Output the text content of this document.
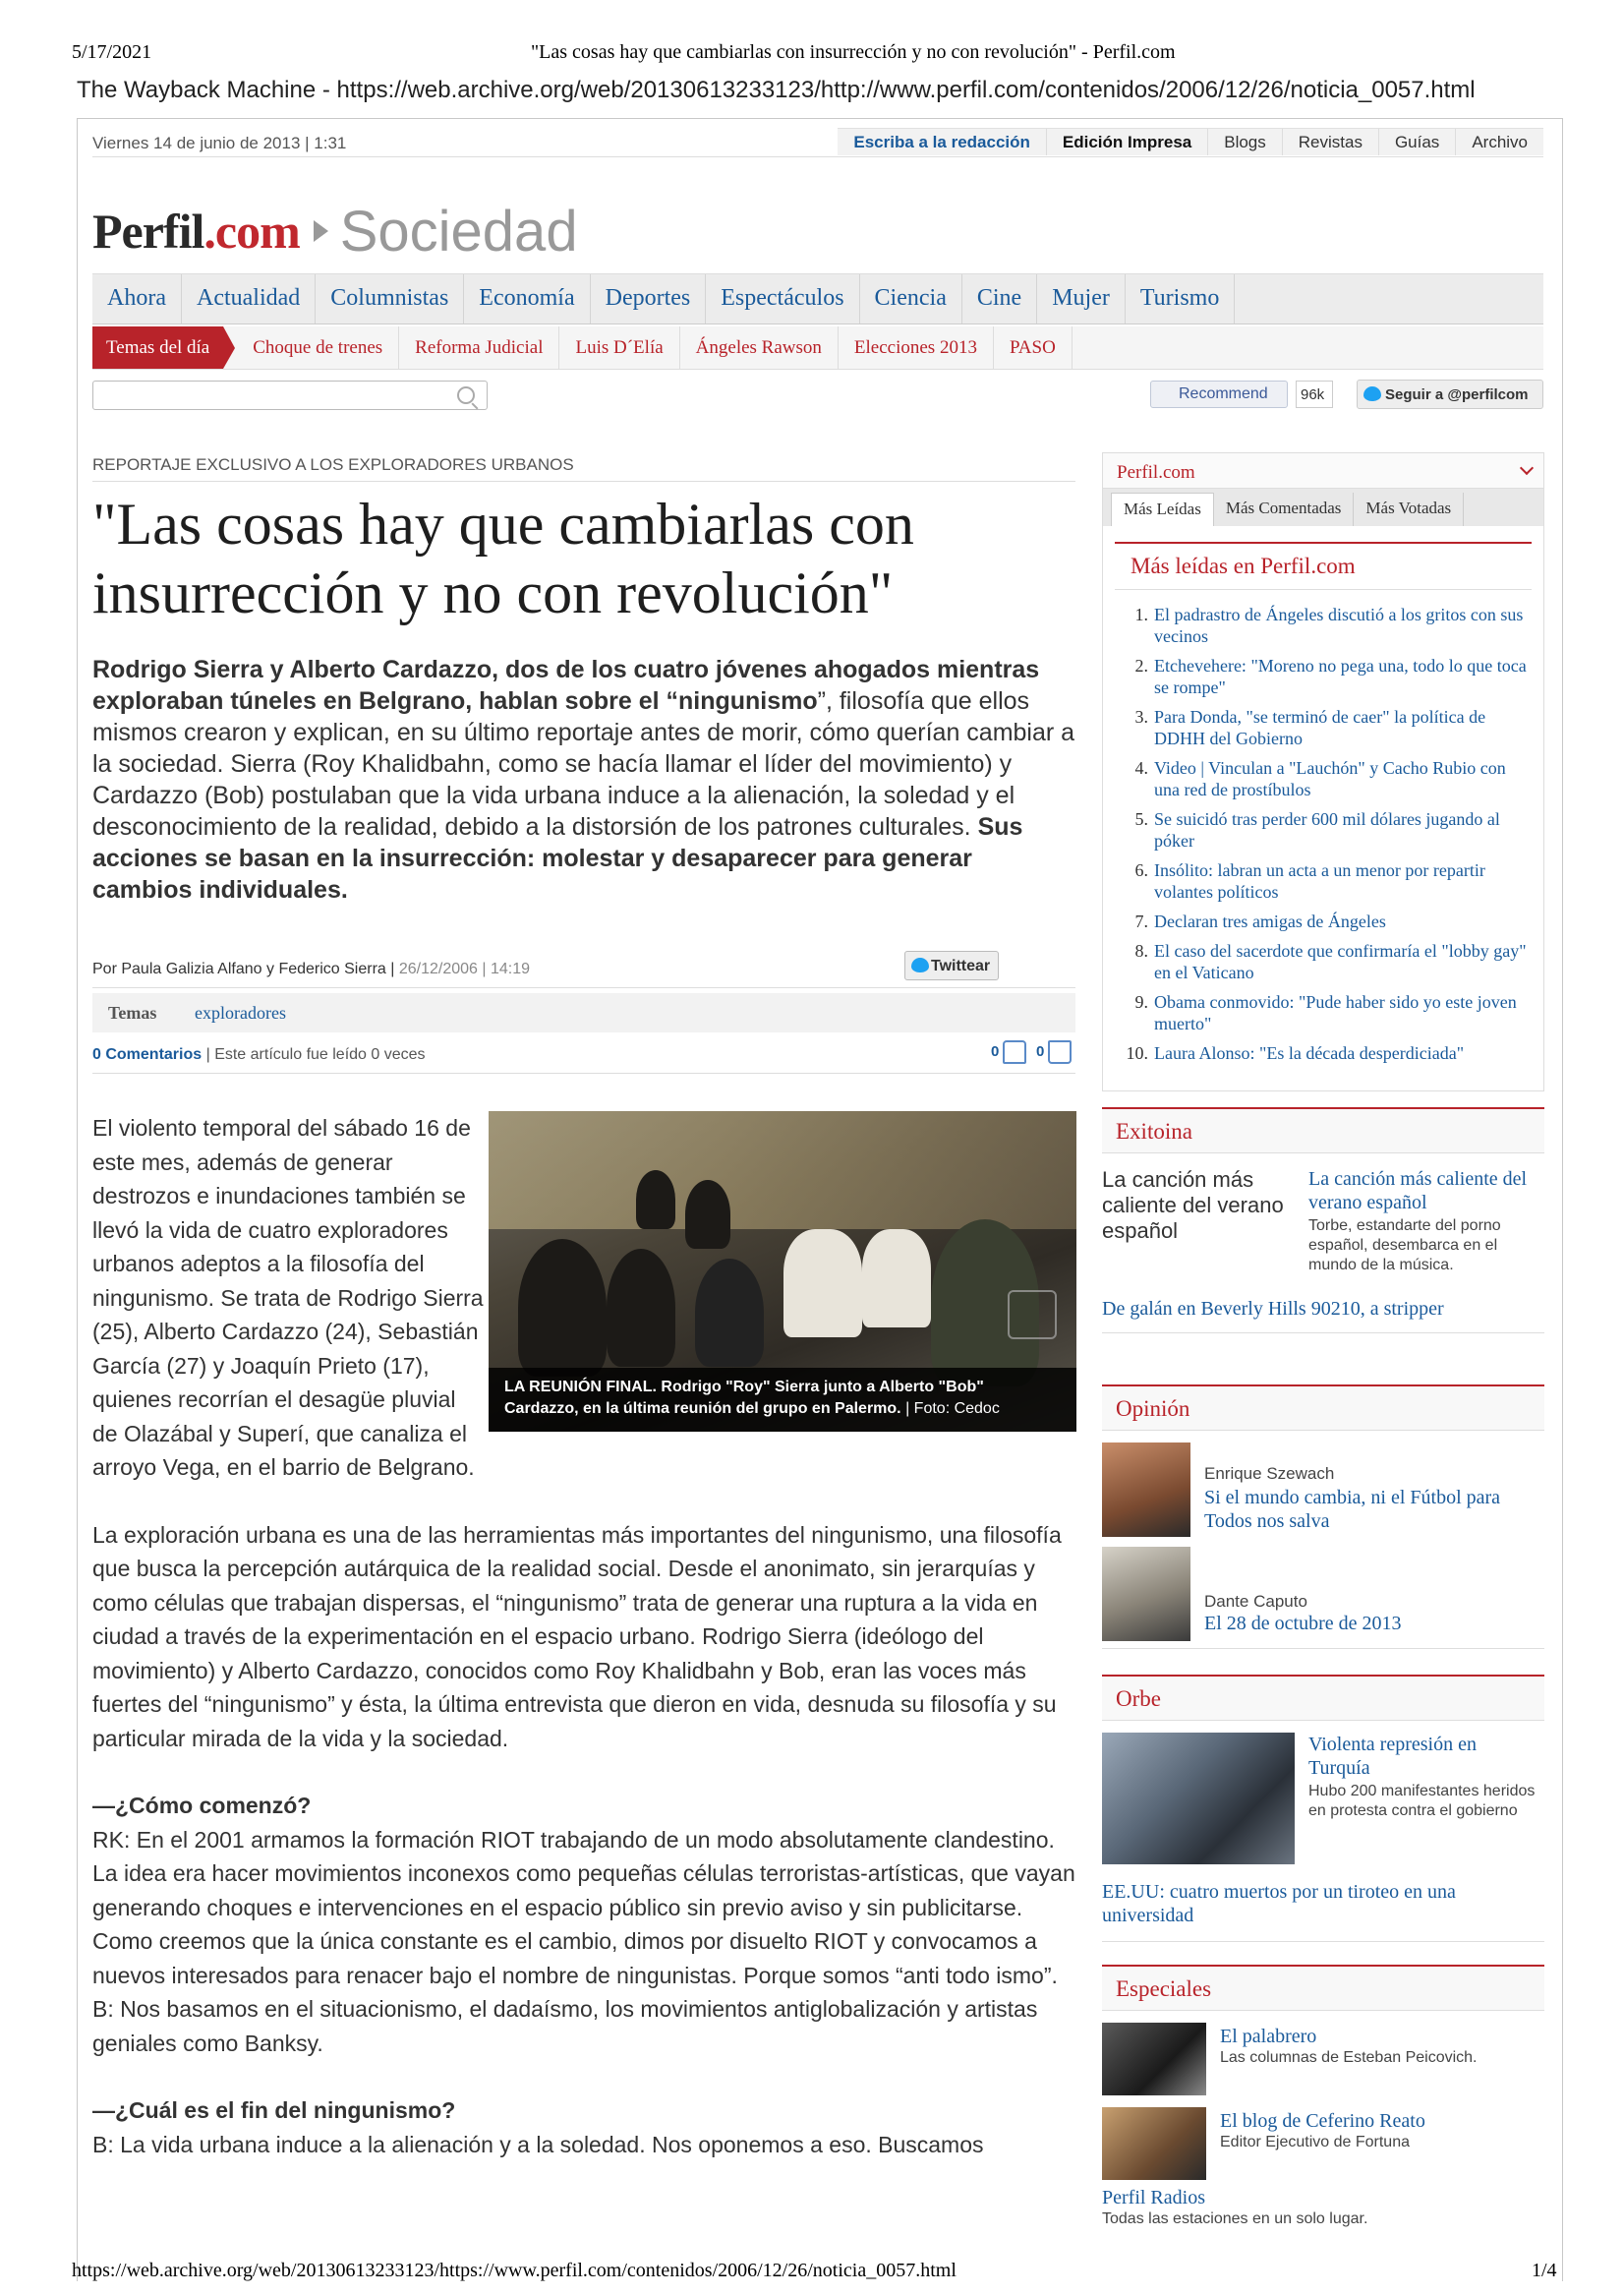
5/17/2021	"Las cosas hay que cambiarlas con insurrección y no con revolución" - Perfil.com
The Wayback Machine - https://web.archive.org/web/20130613233123/http://www.perfil.com/contenidos/2006/12/26/noticia_0057.html
Viernes 14 de junio de 2013 | 1:31	Escriba a la redacción	Edición Impresa	Blogs	Revistas	Guías	Archivo
Perfil.com Sociedad
Ahora	Actualidad	Columnistas	Economía	Deportes	Espectáculos	Ciencia	Cine	Mujer	Turismo
Temas del día	Choque de trenes	Reforma Judicial	Luis D´Elía	Ángeles Rawson	Elecciones 2013	PASO
Recommend	96k	Seguir a @perfilcom
REPORTAJE EXCLUSIVO A LOS EXPLORADORES URBANOS
"Las cosas hay que cambiarlas con insurrección y no con revolución"
Rodrigo Sierra y Alberto Cardazzo, dos de los cuatro jóvenes ahogados mientras exploraban túneles en Belgrano, hablan sobre el “ningunismo”, filosofía que ellos mismos crearon y explican, en su último reportaje antes de morir, cómo querían cambiar a la sociedad. Sierra (Roy Khalidbahn, como se hacía llamar el líder del movimiento) y Cardazzo (Bob) postulaban que la vida urbana induce a la alienación, la soledad y el desconocimiento de la realidad, debido a la distorsión de los patrones culturales. Sus acciones se basan en la insurrección: molestar y desaparecer para generar cambios individuales.
Por Paula Galizia Alfano y Federico Sierra | 26/12/2006 | 14:19	Twittear
Temas exploradores
0 Comentarios | Este artículo fue leído 0 veces	0	0
LA REUNIÓN FINAL. Rodrigo "Roy" Sierra junto a Alberto "Bob" Cardazzo, en la última reunión del grupo en Palermo. | Foto: Cedoc

El violento temporal del sábado 16 de este mes, además de generar destrozos e inundaciones también se llevó la vida de cuatro exploradores urbanos adeptos a la filosofía del ningunismo. Se trata de Rodrigo Sierra (25), Alberto Cardazzo (24), Sebastián García (27) y Joaquín Prieto (17), quienes recorrían el desagüe pluvial de Olazábal y Superí, que canaliza el arroyo Vega, en el barrio de Belgrano.

La exploración urbana es una de las herramientas más importantes del ningunismo, una filosofía que busca la percepción autárquica de la realidad social. Desde el anonimato, sin jerarquías y como células que trabajan dispersas, el “ningunismo” trata de generar una ruptura a la vida en ciudad a través de la experimentación en el espacio urbano. Rodrigo Sierra (ideólogo del movimiento) y Alberto Cardazzo, conocidos como Roy Khalidbahn y Bob, eran las voces más fuertes del “ningunismo” y ésta, la última entrevista que dieron en vida, desnuda su filosofía y su particular mirada de la vida y la sociedad.

—¿Cómo comenzó?

RK: En el 2001 armamos la formación RIOT trabajando de un modo absolutamente clandestino. La idea era hacer movimientos inconexos como pequeñas células terroristas-artísticas, que vayan generando choques e intervenciones en el espacio público sin previo aviso y sin publicitarse. Como creemos que la única constante es el cambio, dimos por disuelto RIOT y convocamos a nuevos interesados para renacer bajo el nombre de ningunistas. Porque somos “anti todo ismo”.

B: Nos basamos en el situacionismo, el dadaísmo, los movimientos antiglobalización y artistas geniales como Banksy.

—¿Cuál es el fin del ningunismo?

B: La vida urbana induce a la alienación y a la soledad. Nos oponemos a eso. Buscamos

Perfil.com
Más Leídas	Más Comentadas	Más Votadas
Más leídas en Perfil.com
1. El padrastro de Ángeles discutió a los gritos con sus vecinos
2. Etchevehere: "Moreno no pega una, todo lo que toca se rompe"
3. Para Donda, "se terminó de caer" la política de DDHH del Gobierno
4. Video | Vinculan a "Lauchón" y Cacho Rubio con una red de prostíbulos
5. Se suicidó tras perder 600 mil dólares jugando al póker
6. Insólito: labran un acta a un menor por repartir volantes políticos
7. Declaran tres amigas de Ángeles
8. El caso del sacerdote que confirmaría el "lobby gay" en el Vaticano
9. Obama conmovido: "Pude haber sido yo este joven muerto"
10. Laura Alonso: "Es la década desperdiciada"
Exitoina
La canción más caliente del verano español
La canción más caliente del verano español
Torbe, estandarte del porno español, desembarca en el mundo de la música.
De galán en Beverly Hills 90210, a stripper
Opinión
Enrique Szewach
Si el mundo cambia, ni el Fútbol para Todos nos salva
Dante Caputo
El 28 de octubre de 2013
Orbe
Violenta represión en Turquía
Hubo 200 manifestantes heridos en protesta contra el gobierno
EE.UU: cuatro muertos por un tiroteo en una universidad
Especiales
El palabrero
Las columnas de Esteban Peicovich.
El blog de Ceferino Reato
Editor Ejecutivo de Fortuna
Perfil Radios
Todas las estaciones en un solo lugar.
https://web.archive.org/web/20130613233123/https://www.perfil.com/contenidos/2006/12/26/noticia_0057.html	1/4
